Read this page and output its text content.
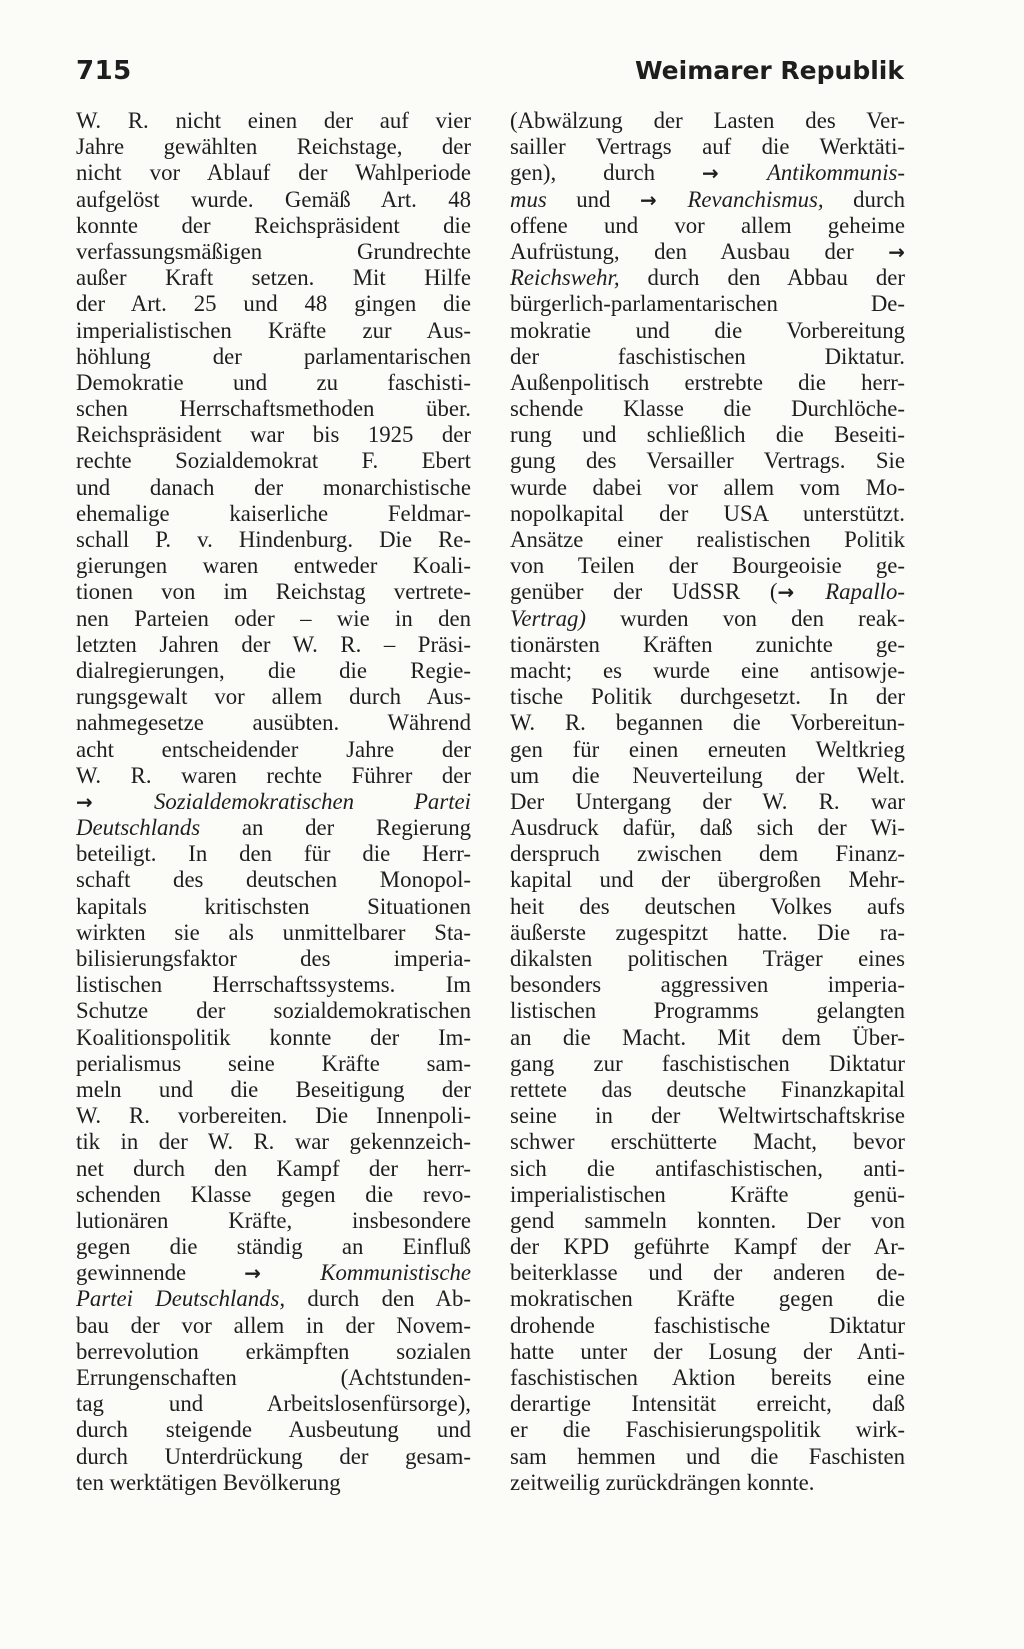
715	Weimarer Republik
W. R. nicht einen der auf vier
Jahre gewählten Reichstage, der
nicht vor Ablauf der Wahlperiode
aufgelöst wurde. Gemäß Art. 48
konnte der Reichspräsident die
verfassungsmäßigen Grundrechte
außer Kraft setzen. Mit Hilfe
der Art. 25 und 48 gingen die
imperialistischen Kräfte zur Aus-
höhlung der parlamentarischen
Demokratie und zu faschisti-
schen Herrschaftsmethoden über.
Reichspräsident war bis 1925 der
rechte Sozialdemokrat F. Ebert
und danach der monarchistische
ehemalige kaiserliche Feldmar-
schall P. v. Hindenburg. Die Re-
gierungen waren entweder Koali-
tionen von im Reichstag vertrete-
nen Parteien oder – wie in den
letzten Jahren der W. R. – Präsi-
dialregierungen, die die Regie-
rungsgewalt vor allem durch Aus-
nahmegesetze ausübten. Während
acht entscheidender Jahre der
W. R. waren rechte Führer der
→ Sozialdemokratischen Partei
Deutschlands an der Regierung
beteiligt. In den für die Herr-
schaft des deutschen Monopol-
kapitals kritischsten Situationen
wirkten sie als unmittelbarer Sta-
bilisierungsfaktor des imperia-
listischen Herrschaftssystems. Im
Schutze der sozialdemokratischen
Koalitionspolitik konnte der Im-
perialismus seine Kräfte sam-
meln und die Beseitigung der
W. R. vorbereiten. Die Innenpoli-
tik in der W. R. war gekennzeich-
net durch den Kampf der herr-
schenden Klasse gegen die revo-
lutionären Kräfte, insbesondere
gegen die ständig an Einfluß
gewinnende → Kommunistische
Partei Deutschlands, durch den Ab-
bau der vor allem in der Novem-
berrevolution erkämpften sozialen
Errungenschaften (Achtstunden-
tag und Arbeitslosenfürsorge),
durch steigende Ausbeutung und
durch Unterdrückung der gesam-
ten werktätigen Bevölkerung
(Abwälzung der Lasten des Ver-
sailler Vertrags auf die Werktäti-
gen), durch → Antikommunis-
mus und → Revanchismus, durch
offene und vor allem geheime
Aufrüstung, den Ausbau der →
Reichswehr, durch den Abbau der
bürgerlich-parlamentarischen De-
mokratie und die Vorbereitung
der faschistischen Diktatur.
Außenpolitisch erstrebte die herr-
schende Klasse die Durchlöche-
rung und schließlich die Beseiti-
gung des Versailler Vertrags. Sie
wurde dabei vor allem vom Mo-
nopolkapital der USA unterstützt.
Ansätze einer realistischen Politik
von Teilen der Bourgeoisie ge-
genüber der UdSSR (→ Rapallo-
Vertrag) wurden von den reak-
tionärsten Kräften zunichte ge-
macht; es wurde eine antisowje-
tische Politik durchgesetzt. In der
W. R. begannen die Vorbereitun-
gen für einen erneuten Weltkrieg
um die Neuverteilung der Welt.
Der Untergang der W. R. war
Ausdruck dafür, daß sich der Wi-
derspruch zwischen dem Finanz-
kapital und der übergroßen Mehr-
heit des deutschen Volkes aufs
äußerste zugespitzt hatte. Die ra-
dikalsten politischen Träger eines
besonders aggressiven imperia-
listischen Programms gelangten
an die Macht. Mit dem Über-
gang zur faschistischen Diktatur
rettete das deutsche Finanzkapital
seine in der Weltwirtschaftskrise
schwer erschütterte Macht, bevor
sich die antifaschistischen, anti-
imperialistischen Kräfte genü-
gend sammeln konnten. Der von
der KPD geführte Kampf der Ar-
beiterklasse und der anderen de-
mokratischen Kräfte gegen die
drohende faschistische Diktatur
hatte unter der Losung der Anti-
faschistischen Aktion bereits eine
derartige Intensität erreicht, daß
er die Faschisierungspolitik wirk-
sam hemmen und die Faschisten
zeitweilig zurückdrängen konnte.
